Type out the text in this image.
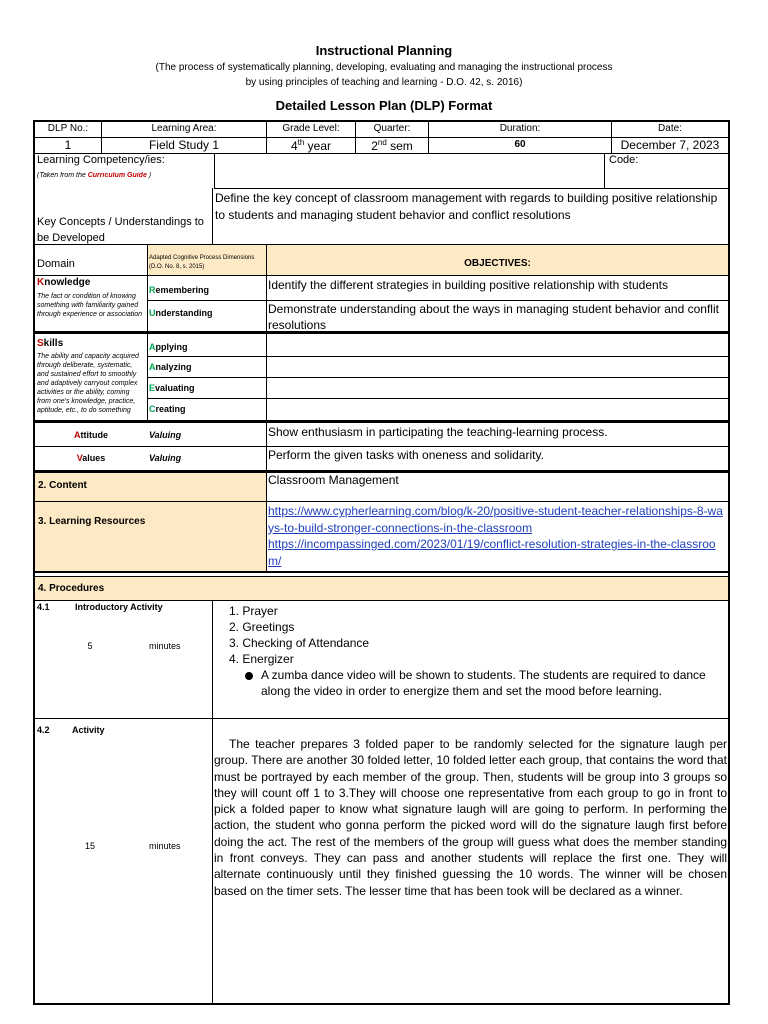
Instructional Planning
(The process of systematically planning, developing, evaluating and managing the instructional process
by using principles of teaching and learning - D.O. 42, s. 2016)
Detailed Lesson Plan (DLP) Format
DLP No.:	Learning Area:	Grade Level:	Quarter:	Duration:	Date:
1	Field Study 1	4th year	2nd sem	60	December 7, 2023
Learning Competency/ies:
(Taken from the Curriculum Guide )
Code:
Key Concepts / Understandings to be Developed
Define the key concept of classroom management with regards to building positive relationship to students and managing student behavior and conflict resolutions
Domain	Adapted Cognitive Process Dimensions (D.O. No. 8, s. 2015)	OBJECTIVES:
Knowledge
The fact or condition of knowing something with familiarity gained through experience or association
Remembering	Identify the different strategies in building positive relationship with students
Understanding	Demonstrate understanding about the ways in managing student behavior and conflit resolutions
Skills
The ability and capacity acquired through deliberate, systematic, and sustained effort to smoothly and adaptively carryout complex activities or the ability, coming from one's knowledge, practice, aptitude, etc., to do something
Applying
Analyzing
Evaluating
Creating
Attitude	Valuing	Show enthusiasm in participating the teaching-learning process.
Values	Valuing	Perform the given tasks with oneness and solidarity.
2. Content	Classroom Management
3. Learning Resources
https://www.cypherlearning.com/blog/k-20/positive-student-teacher-relationships-8-ways-to-build-stronger-connections-in-the-classroom
https://incompassinged.com/2023/01/19/conflict-resolution-strategies-in-the-classroom/
4. Procedures
4.1	Introductory Activity
5	minutes
1. Prayer
2. Greetings
3. Checking of Attendance
4. Energizer
A zumba dance video will be shown to students. The students are required to dance along the video in order to energize them and set the mood before learning.
4.2	Activity
15	minutes
The teacher prepares 3 folded paper to be randomly selected for the signature laugh per group. There are another 30 folded letter, 10 folded letter each group, that contains the word that must be portrayed by each member of the group. Then, students will be group into 3 groups so they will count off 1 to 3.They will choose one representative from each group to go in front to pick a folded paper to know what signature laugh will are going to perform. In performing the action, the student who gonna perform the picked word will do the signature laugh first before doing the act. The rest of the members of the group will guess what does the member standing in front conveys. They can pass and another students will replace the first one. They will alternate continuously until they finished guessing the 10 words. The winner will be chosen based on the timer sets. The lesser time that has been took will be declared as a winner.
